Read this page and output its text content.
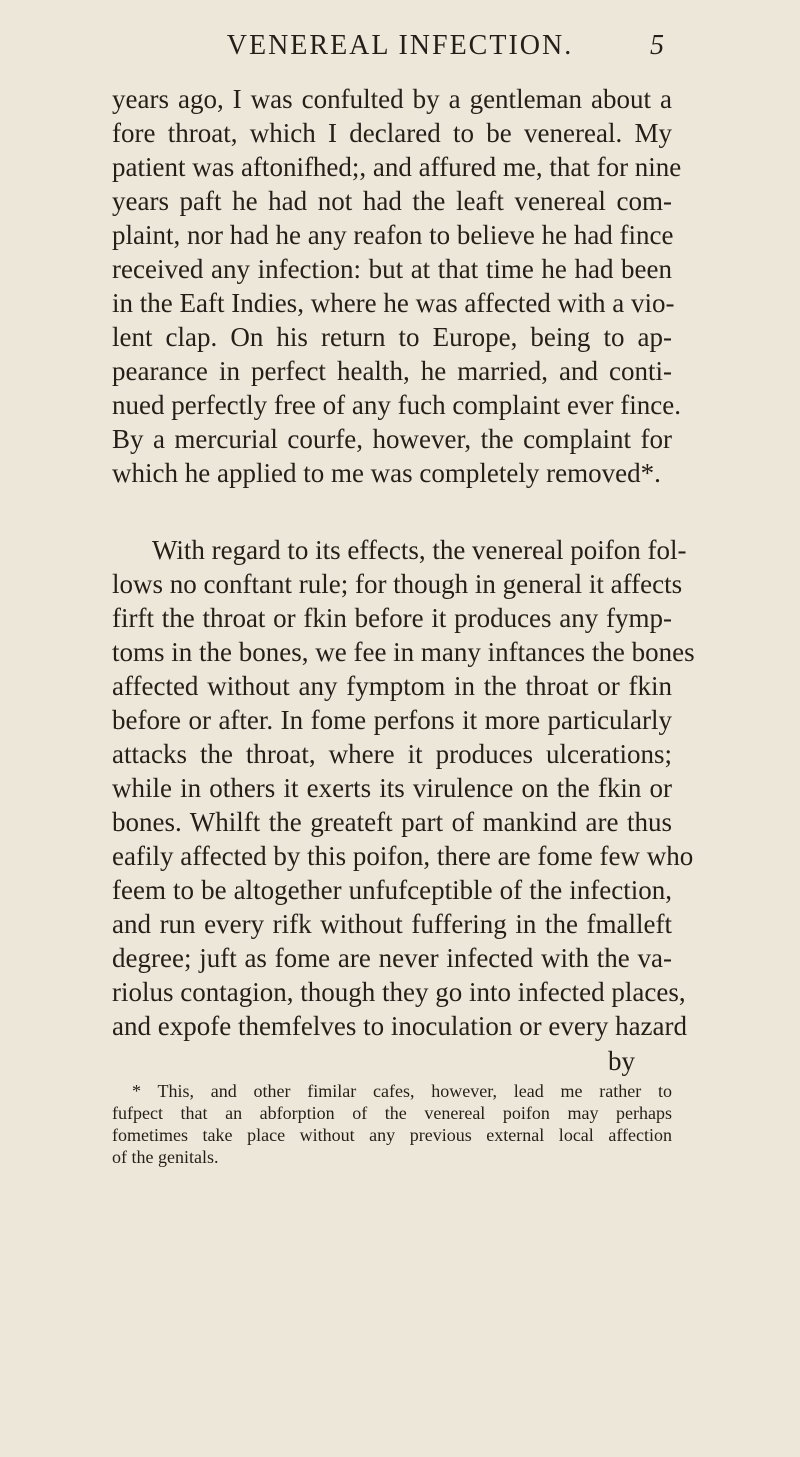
VENEREAL INFECTION.	5
years ago, I was confulted by a gentleman about a
fore throat, which I declared to be venereal. My
patient was aftonifhed;, and affured me, that for nine
years paft he had not had the leaft venereal com-
plaint, nor had he any reafon to believe he had fince
received any infection: but at that time he had been
in the Eaft Indies, where he was affected with a vio-
lent clap. On his return to Europe, being to ap-
pearance in perfect health, he married, and conti-
nued perfectly free of any fuch complaint ever fince.
By a mercurial courfe, however, the complaint for
which he applied to me was completely removed*.
With regard to its effects, the venereal poifon fol-
lows no conftant rule; for though in general it affects
firft the throat or fkin before it produces any fymp-
toms in the bones, we fee in many inftances the bones
affected without any fymptom in the throat or fkin
before or after. In fome perfons it more particularly
attacks the throat, where it produces ulcerations;
while in others it exerts its virulence on the fkin or
bones. Whilft the greateft part of mankind are thus
eafily affected by this poifon, there are fome few who
feem to be altogether unfufceptible of the infection,
and run every rifk without fuffering in the fmalleft
degree; juft as fome are never infected with the va-
riolus contagion, though they go into infected places,
and expofe themfelves to inoculation or every hazard
by
* This, and other fimilar cafes, however, lead me rather to
fufpect that an abforption of the venereal poifon may perhaps
fometimes take place without any previous external local affection
of the genitals.
